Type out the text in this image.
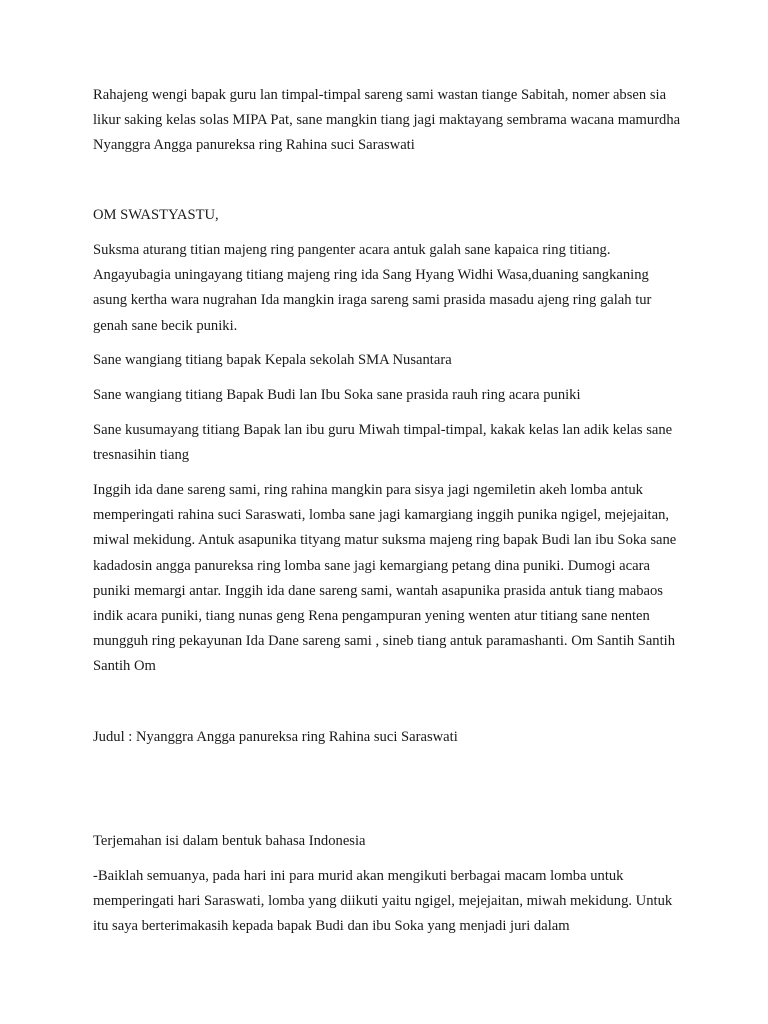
Rahajeng wengi bapak guru lan timpal-timpal sareng sami wastan tiange Sabitah, nomer absen sia likur saking kelas solas MIPA Pat, sane mangkin tiang jagi maktayang sembrama wacana mamurdha Nyanggra Angga panureksa ring Rahina suci Saraswati

OM SWASTYASTU,

Suksma aturang titian majeng ring pangenter acara antuk galah sane kapaica ring titiang. Angayubagia uningayang titiang majeng ring ida Sang Hyang Widhi Wasa,duaning sangkaning asung kertha wara nugrahan Ida mangkin iraga sareng sami prasida masadu ajeng ring galah tur genah sane becik puniki.

Sane wangiang titiang bapak Kepala sekolah SMA Nusantara

Sane wangiang titiang Bapak Budi lan Ibu Soka sane prasida rauh ring acara puniki

Sane kusumayang titiang Bapak lan ibu guru Miwah timpal-timpal, kakak kelas lan adik kelas sane tresnasihin tiang

Inggih ida dane sareng sami, ring rahina mangkin para sisya jagi ngemiletin akeh lomba antuk memperingati rahina suci Saraswati, lomba sane jagi kamargiang inggih punika ngigel, mejejaitan, miwal mekidung. Antuk asapunika tityang matur suksma majeng ring bapak Budi lan ibu Soka sane kadadosin angga panureksa ring lomba sane jagi kemargiang petang dina puniki. Dumogi acara puniki memargi antar. Inggih ida dane sareng sami, wantah asapunika prasida antuk tiang mabaos indik acara puniki, tiang nunas geng Rena pengampuran yening wenten atur titiang sane nenten mungguh ring pekayunan Ida Dane sareng sami , sineb tiang antuk paramashanti. Om Santih Santih Santih Om

Judul : Nyanggra Angga panureksa ring Rahina suci Saraswati

Terjemahan isi dalam bentuk bahasa Indonesia

-Baiklah semuanya, pada hari ini para murid akan mengikuti berbagai macam lomba untuk memperingati hari Saraswati, lomba yang diikuti yaitu ngigel, mejejaitan, miwah mekidung. Untuk itu saya berterimakasih kepada bapak Budi dan ibu Soka yang menjadi juri dalam
